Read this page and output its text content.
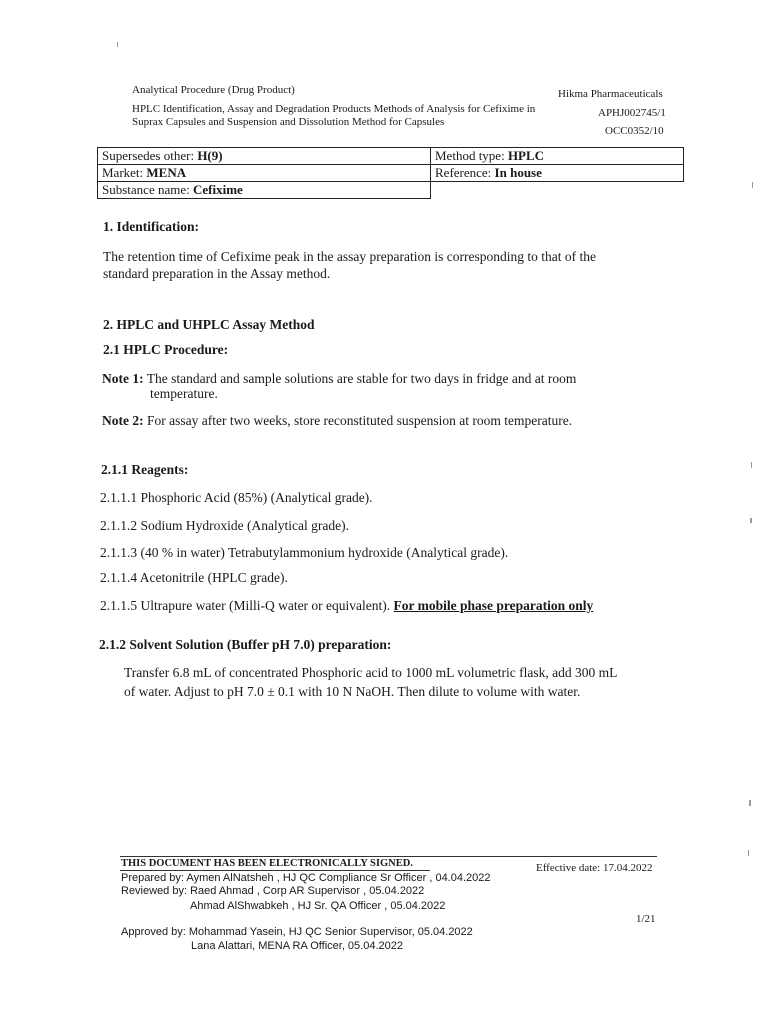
Analytical Procedure (Drug Product)	Hikma Pharmaceuticals
HPLC Identification, Assay and Degradation Products Methods of Analysis for Cefixime in	APHJ002745/1
Suprax Capsules and Suspension and Dissolution Method for Capsules
OCC0352/10
Supersedes other: H(9)	Method type: HPLC
Market: MENA	Reference: In house
Substance name: Cefixime	
1. Identification:
The retention time of Cefixime peak in the assay preparation is corresponding to that of the
standard preparation in the Assay method.
2. HPLC and UHPLC Assay Method
2.1 HPLC Procedure:
Note 1: The standard and sample solutions are stable for two days in fridge and at room
temperature.
Note 2: For assay after two weeks, store reconstituted suspension at room temperature.
2.1.1 Reagents:
2.1.1.1 Phosphoric Acid (85%) (Analytical grade).
2.1.1.2 Sodium Hydroxide (Analytical grade).
2.1.1.3 (40 % in water) Tetrabutylammonium hydroxide (Analytical grade).
2.1.1.4 Acetonitrile (HPLC grade).
2.1.1.5 Ultrapure water (Milli-Q water or equivalent). For mobile phase preparation only
2.1.2 Solvent Solution (Buffer pH 7.0) preparation:
Transfer 6.8 mL of concentrated Phosphoric acid to 1000 mL volumetric flask, add 300 mL
of water. Adjust to pH 7.0 ± 0.1 with 10 N NaOH. Then dilute to volume with water.
THIS DOCUMENT HAS BEEN ELECTRONICALLY SIGNED.	Effective date: 17.04.2022
Prepared by: Aymen AlNatsheh , HJ QC Compliance Sr Officer , 04.04.2022
Reviewed by: Raed Ahmad , Corp AR Supervisor , 05.04.2022
Ahmad AlShwabkeh , HJ Sr. QA Officer , 05.04.2022
1/21
Approved by: Mohammad Yasein, HJ QC Senior Supervisor, 05.04.2022
Lana Alattari, MENA RA Officer, 05.04.2022
